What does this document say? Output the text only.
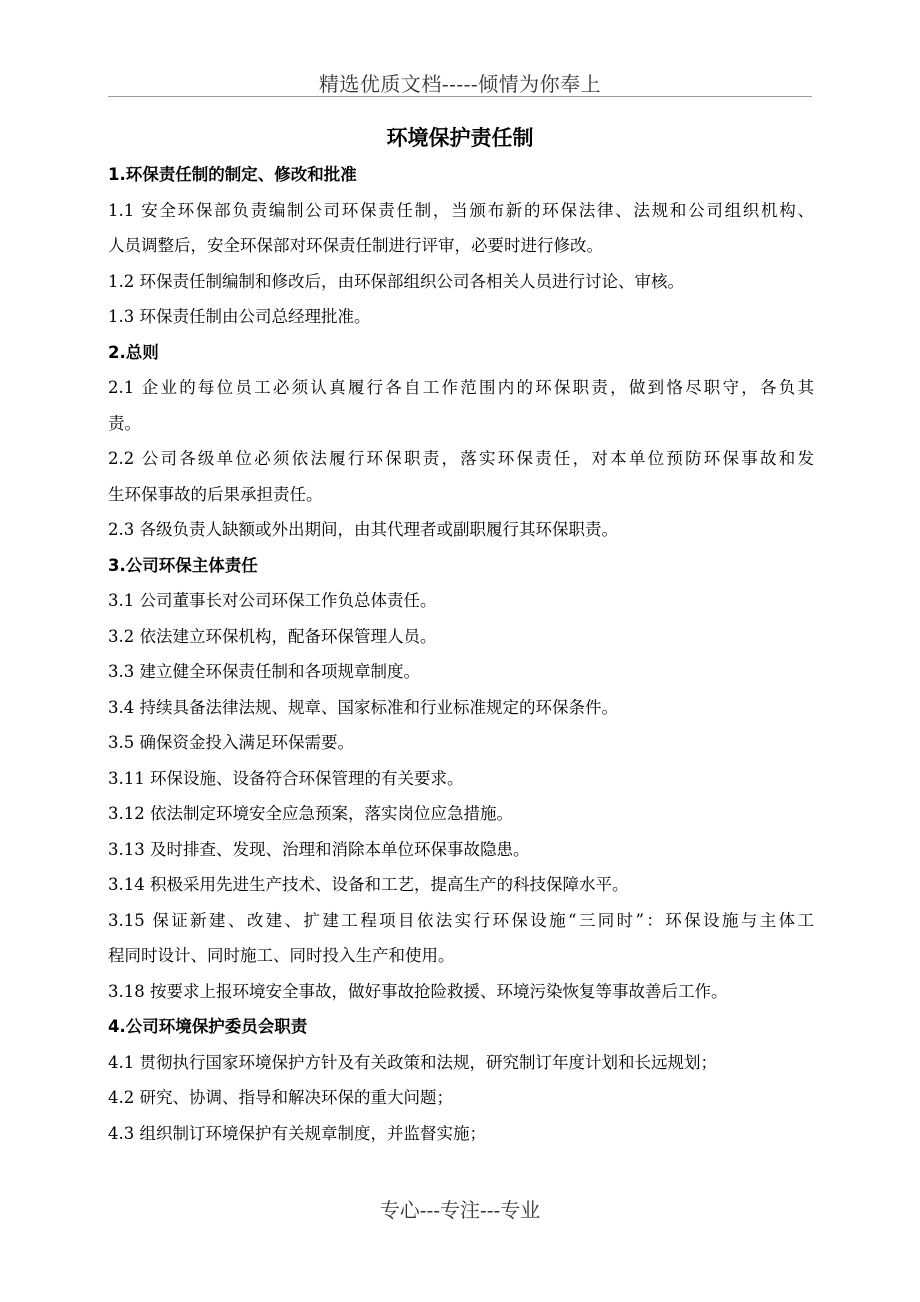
精选优质文档-----倾情为你奉上
环境保护责任制
1.环保责任制的制定、修改和批准
1.1 安全环保部负责编制公司环保责任制，当颁布新的环保法律、法规和公司组织机构、
人员调整后，安全环保部对环保责任制进行评审，必要时进行修改。
1.2 环保责任制编制和修改后，由环保部组织公司各相关人员进行讨论、审核。
1.3 环保责任制由公司总经理批准。
2.总则
2.1 企业的每位员工必须认真履行各自工作范围内的环保职责，做到恪尽职守，各负其
责。
2.2 公司各级单位必须依法履行环保职责，落实环保责任，对本单位预防环保事故和发
生环保事故的后果承担责任。
2.3 各级负责人缺额或外出期间，由其代理者或副职履行其环保职责。
3.公司环保主体责任
3.1 公司董事长对公司环保工作负总体责任。
3.2 依法建立环保机构，配备环保管理人员。
3.3 建立健全环保责任制和各项规章制度。
3.4 持续具备法律法规、规章、国家标准和行业标准规定的环保条件。
3.5 确保资金投入满足环保需要。
3.11 环保设施、设备符合环保管理的有关要求。
3.12 依法制定环境安全应急预案，落实岗位应急措施。
3.13 及时排查、发现、治理和消除本单位环保事故隐患。
3.14 积极采用先进生产技术、设备和工艺，提高生产的科技保障水平。
3.15 保证新建、改建、扩建工程项目依法实行环保设施“三同时”：环保设施与主体工
程同时设计、同时施工、同时投入生产和使用。
3.18 按要求上报环境安全事故，做好事故抢险救援、环境污染恢复等事故善后工作。
4.公司环境保护委员会职责
4.1 贯彻执行国家环境保护方针及有关政策和法规，研究制订年度计划和长远规划；
4.2 研究、协调、指导和解决环保的重大问题；
4.3 组织制订环境保护有关规章制度，并监督实施；
专心---专注---专业
